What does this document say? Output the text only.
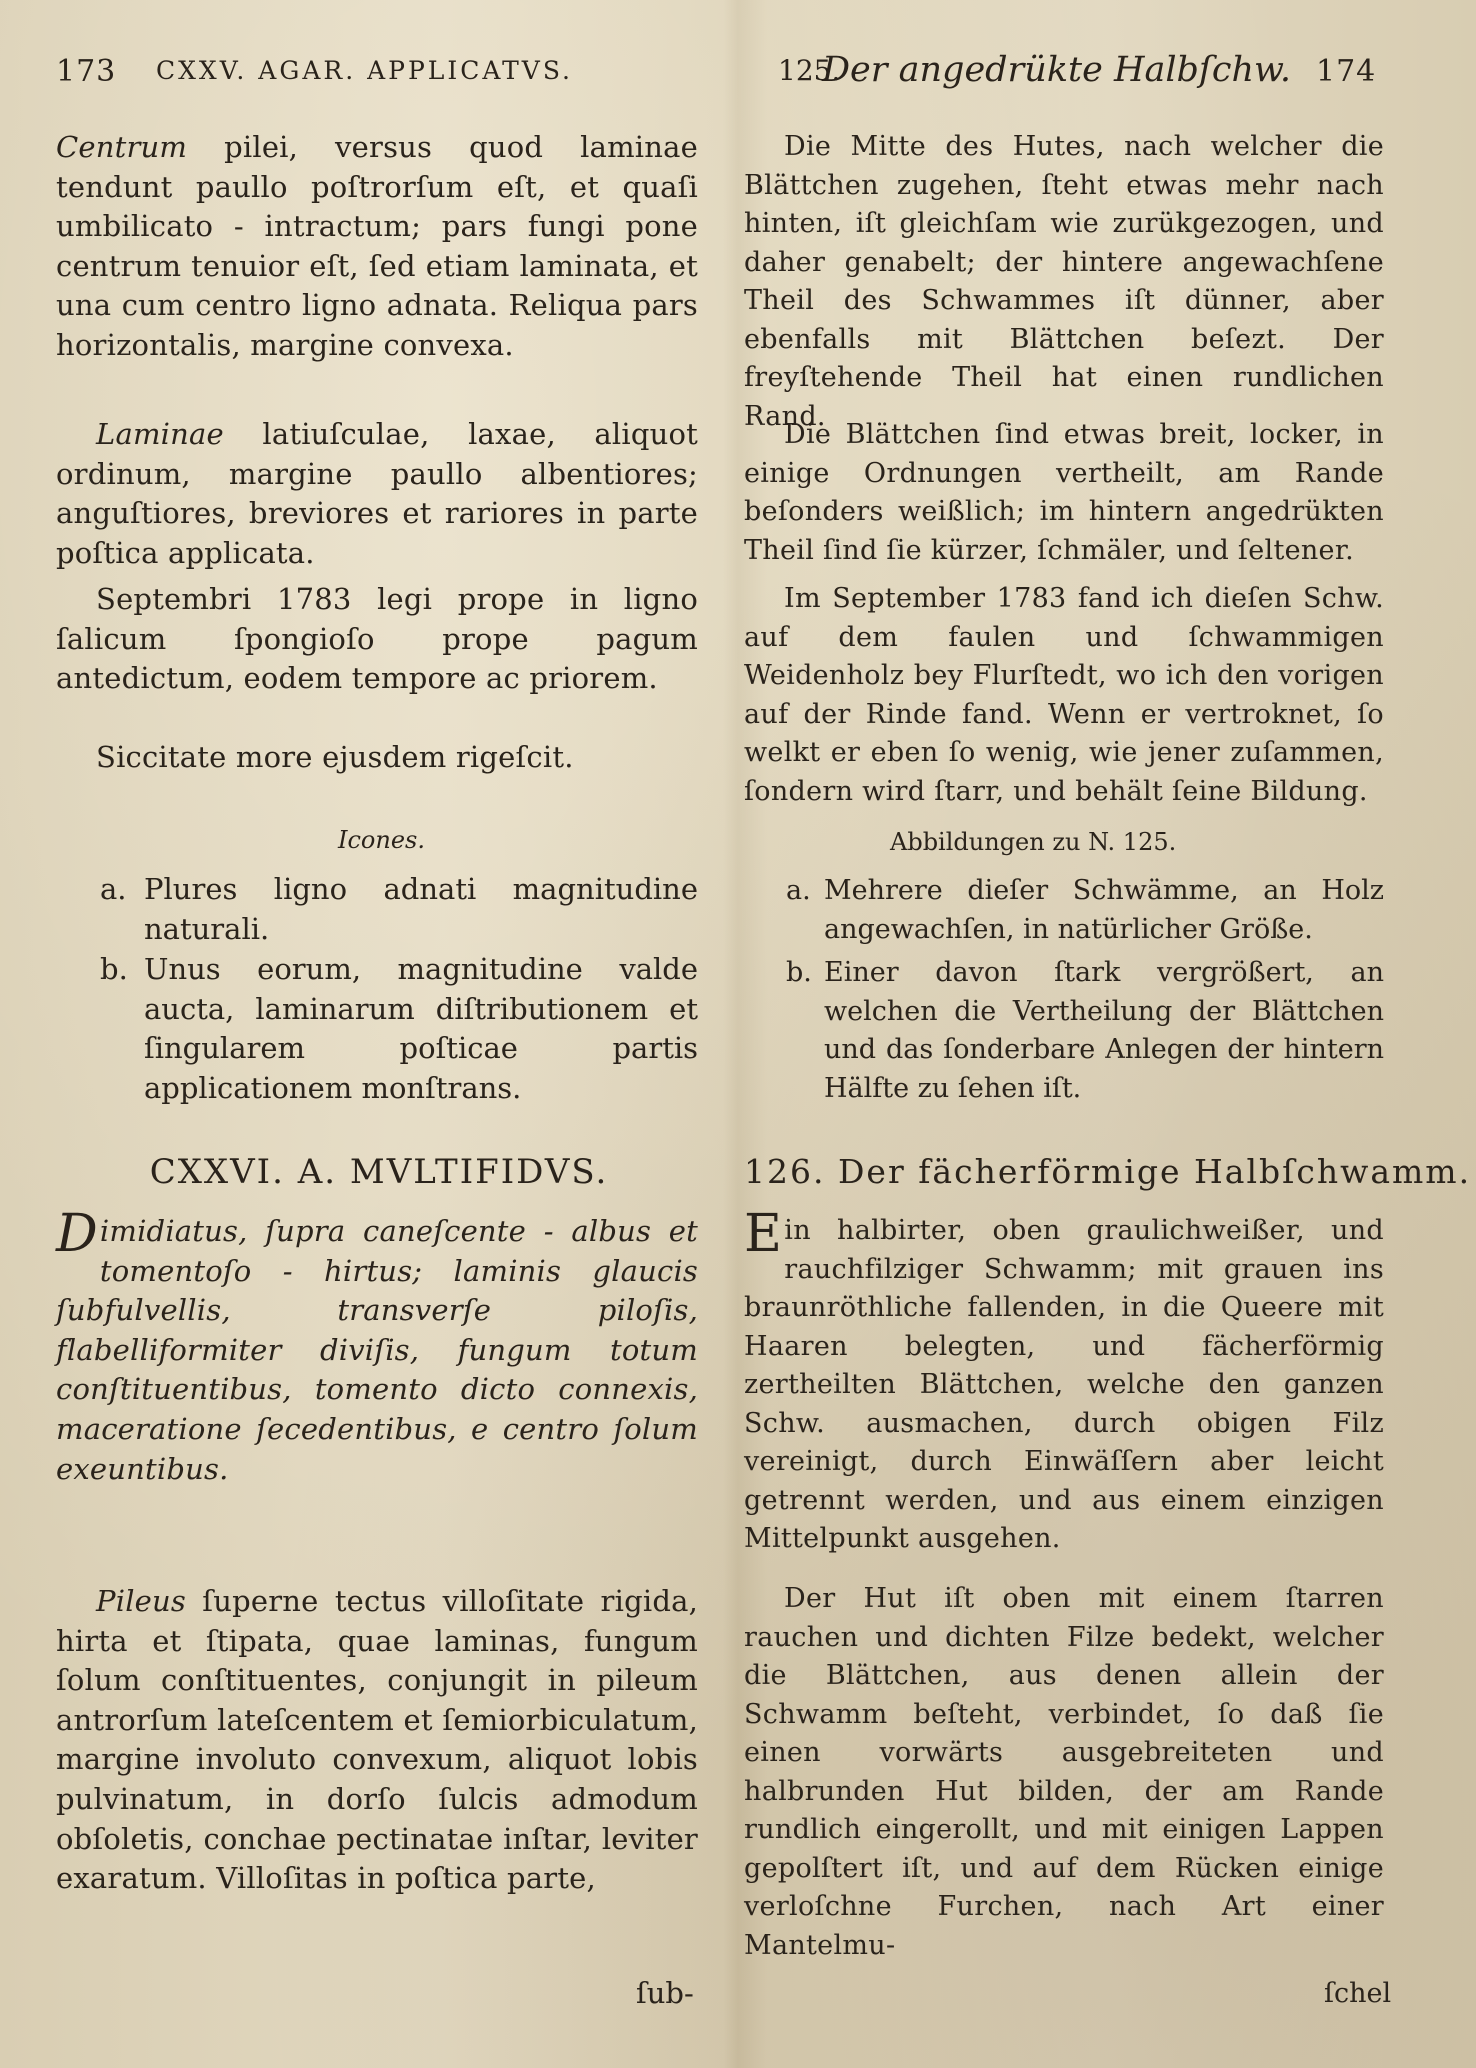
173 CXXV. AGAR. APPLICATVS.

Centrum pilei, versus quod laminae tendunt paullo poſtrorſum eſt, et quaſi umbilicato - intractum; pars fungi pone centrum tenuior eſt, ſed etiam laminata, et una cum centro ligno adnata. Reliqua pars horizontalis, margine convexa.

Laminae latiuſculae, laxae, aliquot ordinum, margine paullo albentiores; anguſtiores, breviores et rariores in parte poſtica applicata.

Septembri 1783 legi prope in ligno ſalicum ſpongioſo prope pagum antedictum, eodem tempore ac priorem.

Siccitate more ejusdem rigeſcit.

Icones.
a. Plures ligno adnati magnitudine naturali.
b. Unus eorum, magnitudine valde aucta, laminarum diſtributionem et ſingularem poſticae partis applicationem monſtrans.
CXXVI. A. MVLTIFIDVS.

Dimidiatus, ſupra caneſcente - albus et tomentoſo - hirtus; laminis glaucis ſubfulvellis, transverſe piloſis, flabelliformiter diviſis, fungum totum conſtituentibus, tomento dicto connexis, maceratione ſecedentibus, e centro ſolum exeuntibus.

Pileus ſuperne tectus villoſitate rigida, hirta et ſtipata, quae laminas, fungum ſolum conſtituentes, conjungit in pileum antrorſum lateſcentem et ſemiorbiculatum, margine involuto convexum, aliquot lobis pulvinatum, in dorſo ſulcis admodum obſoletis, conchae pectinatae inſtar, leviter exaratum. Villoſitas in poſtica parte,

ſub-
125.
Der angedrükte Halbſchw. 174

Die Mitte des Hutes, nach welcher die Blättchen zugehen, ſteht etwas mehr nach hinten, iſt gleichſam wie zurükgezogen, und daher genabelt; der hintere angewachſene Theil des Schwammes iſt dünner, aber ebenfalls mit Blättchen beſezt. Der freyſtehende Theil hat einen rundlichen Rand.

Die Blättchen ſind etwas breit, locker, in einige Ordnungen vertheilt, am Rande beſonders weißlich; im hintern angedrükten Theil ſind ſie kürzer, ſchmäler, und ſeltener.

Im September 1783 fand ich dieſen Schw. auf dem faulen und ſchwammigen Weidenholz bey Flurſtedt, wo ich den vorigen auf der Rinde fand. Wenn er vertroknet, ſo welkt er eben ſo wenig, wie jener zuſammen, ſondern wird ſtarr, und behält ſeine Bildung.

Abbildungen zu N. 125.
a. Mehrere dieſer Schwämme, an Holz angewachſen, in natürlicher Größe.
b. Einer davon ſtark vergrößert, an welchen die Vertheilung der Blättchen und das ſonderbare Anlegen der hintern Hälfte zu ſehen iſt.
126. Der fächerförmige Halbſchwamm.

Ein halbirter, oben graulichweißer, und rauchfilziger Schwamm; mit grauen ins braunröthliche fallenden, in die Queere mit Haaren belegten, und fächerförmig zertheilten Blättchen, welche den ganzen Schw. ausmachen, durch obigen Filz vereinigt, durch Einwäſſern aber leicht getrennt werden, und aus einem einzigen Mittelpunkt ausgehen.

Der Hut iſt oben mit einem ſtarren rauchen und dichten Filze bedekt, welcher die Blättchen, aus denen allein der Schwamm beſteht, verbindet, ſo daß ſie einen vorwärts ausgebreiteten und halbrunden Hut bilden, der am Rande rundlich eingerollt, und mit einigen Lappen gepolſtert iſt, und auf dem Rücken einige verloſchne Furchen, nach Art einer Mantelmu-

ſchel
